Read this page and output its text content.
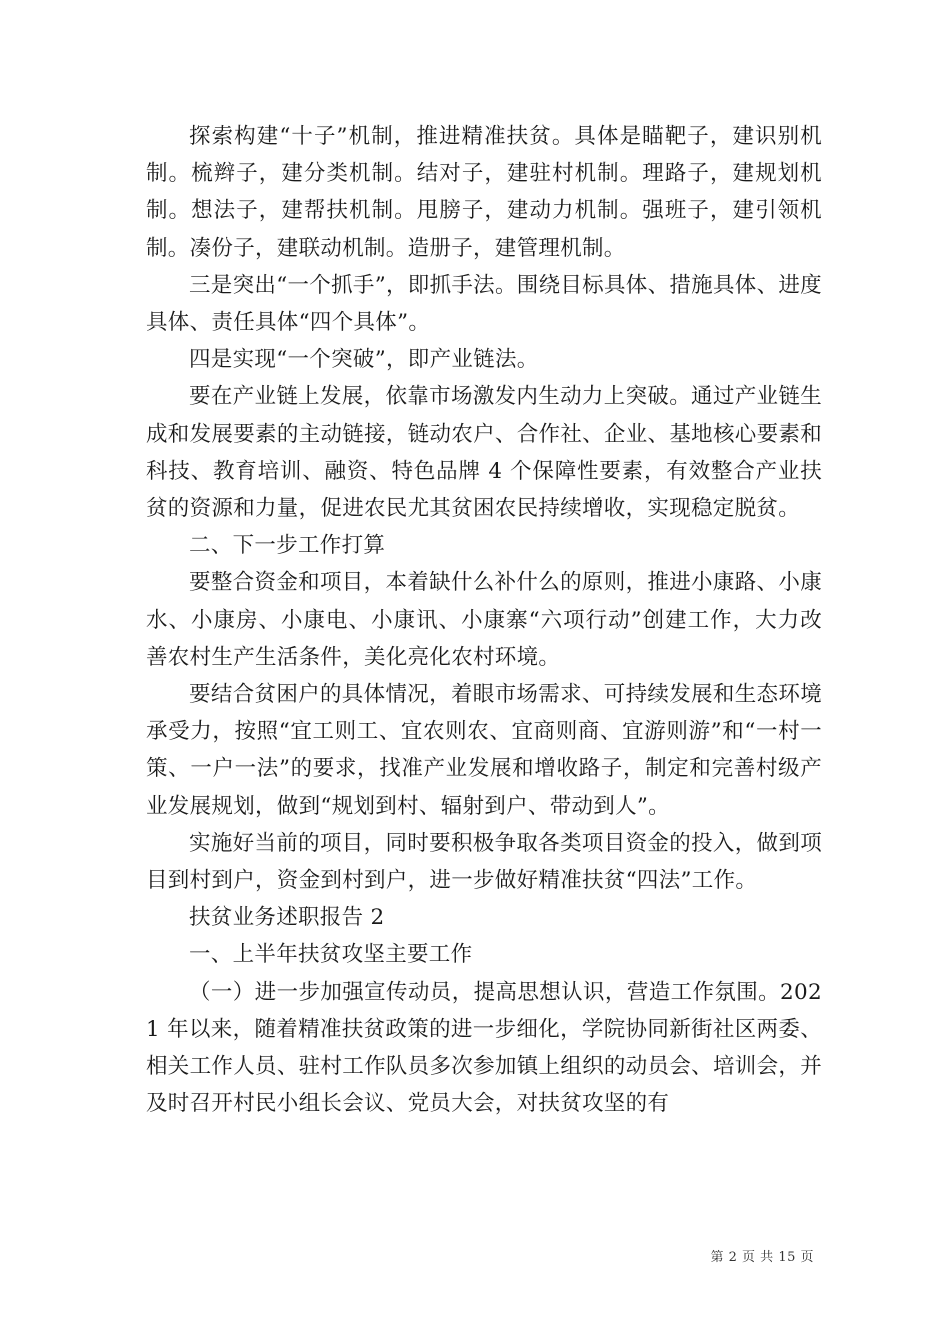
探索构建“十子”机制，推进精准扶贫。具体是瞄靶子，建识别机制。梳辫子，建分类机制。结对子，建驻村机制。理路子，建规划机制。想法子，建帮扶机制。甩膀子，建动力机制。强班子，建引领机制。凑份子，建联动机制。造册子，建管理机制。

三是突出“一个抓手”，即抓手法。围绕目标具体、措施具体、进度具体、责任具体“四个具体”。

四是实现“一个突破”，即产业链法。

要在产业链上发展，依靠市场激发内生动力上突破。通过产业链生成和发展要素的主动链接，链动农户、合作社、企业、基地核心要素和科技、教育培训、融资、特色品牌 4 个保障性要素，有效整合产业扶贫的资源和力量，促进农民尤其贫困农民持续增收，实现稳定脱贫。

二、下一步工作打算

要整合资金和项目，本着缺什么补什么的原则，推进小康路、小康水、小康房、小康电、小康讯、小康寨“六项行动”创建工作，大力改善农村生产生活条件，美化亮化农村环境。

要结合贫困户的具体情况，着眼市场需求、可持续发展和生态环境承受力，按照“宜工则工、宜农则农、宜商则商、宜游则游”和“一村一策、一户一法”的要求，找准产业发展和增收路子，制定和完善村级产业发展规划，做到“规划到村、辐射到户、带动到人”。

实施好当前的项目，同时要积极争取各类项目资金的投入，做到项目到村到户，资金到村到户，进一步做好精准扶贫“四法”工作。

扶贫业务述职报告 2

一、上半年扶贫攻坚主要工作

（一）进一步加强宣传动员，提高思想认识，营造工作氛围。2021 年以来，随着精准扶贫政策的进一步细化，学院协同新街社区两委、相关工作人员、驻村工作队员多次参加镇上组织的动员会、培训会，并及时召开村民小组长会议、党员大会，对扶贫攻坚的有

第 2 页 共 15 页
